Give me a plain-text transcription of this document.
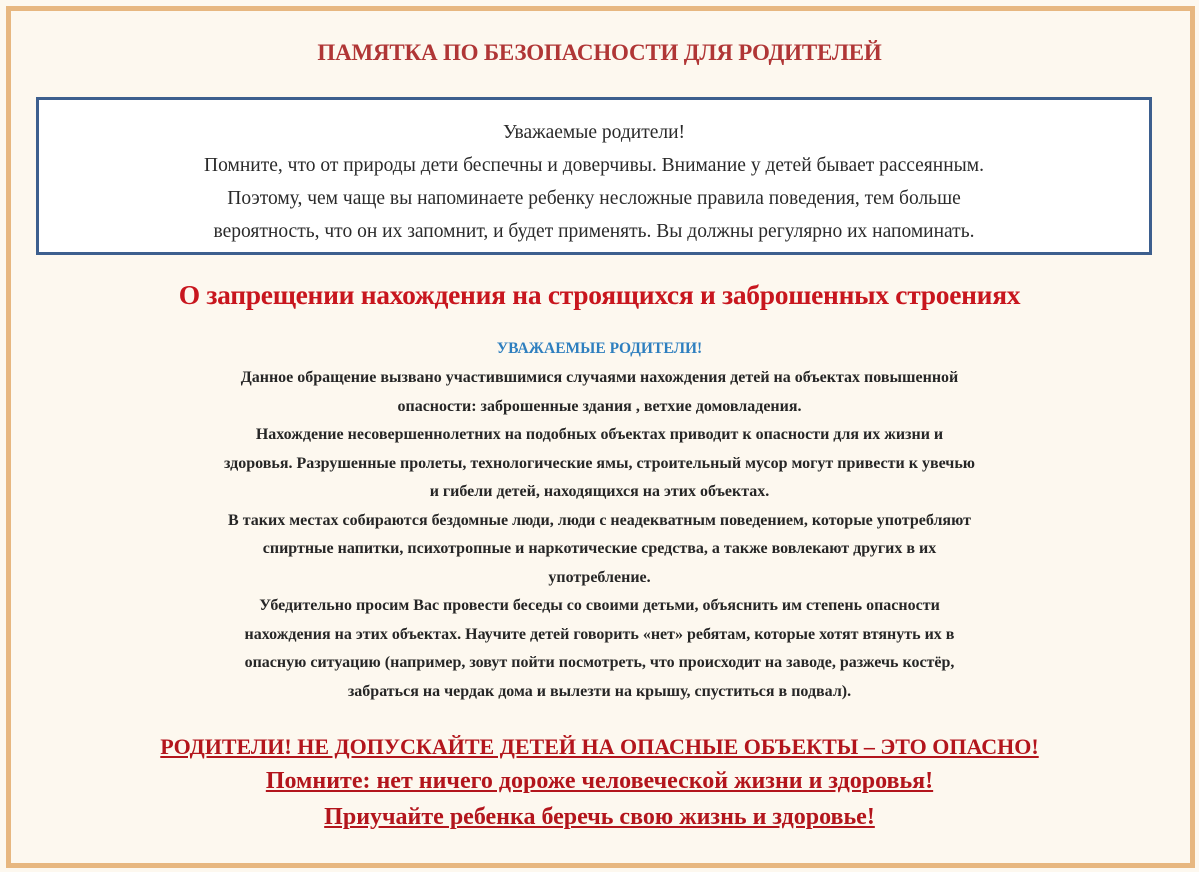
ПАМЯТКА ПО БЕЗОПАСНОСТИ ДЛЯ РОДИТЕЛЕЙ
Уважаемые родители!
Помните, что от природы дети беспечны и доверчивы. Внимание у детей бывает рассеянным.
Поэтому, чем чаще вы напоминаете ребенку несложные правила поведения, тем больше
вероятность, что он их запомнит, и будет применять. Вы должны регулярно их напоминать.
О запрещении нахождения на строящихся и заброшенных строениях
УВАЖАЕМЫЕ РОДИТЕЛИ!
Данное обращение вызвано участившимися случаями нахождения детей на объектах повышенной
опасности: заброшенные здания , ветхие домовладения.
Нахождение несовершеннолетних на подобных объектах приводит к опасности для их жизни и
здоровья. Разрушенные пролеты, технологические ямы, строительный мусор могут привести к увечью
и гибели детей, находящихся на этих объектах.
В таких местах собираются бездомные люди, люди с неадекватным поведением, которые употребляют
спиртные напитки, психотропные и наркотические средства, а также вовлекают других в их
употребление.
Убедительно просим Вас провести беседы со своими детьми, объяснить им степень опасности
нахождения на этих объектах. Научите детей говорить «нет» ребятам, которые хотят втянуть их в
опасную ситуацию (например, зовут пойти посмотреть, что происходит на заводе, разжечь костёр,
забраться на чердак дома и вылезти на крышу, спуститься в подвал).
РОДИТЕЛИ! НЕ ДОПУСКАЙТЕ ДЕТЕЙ НА ОПАСНЫЕ ОБЪЕКТЫ – ЭТО ОПАСНО!
Помните: нет ничего дороже человеческой жизни и здоровья!
Приучайте ребенка беречь свою жизнь и здоровье!
